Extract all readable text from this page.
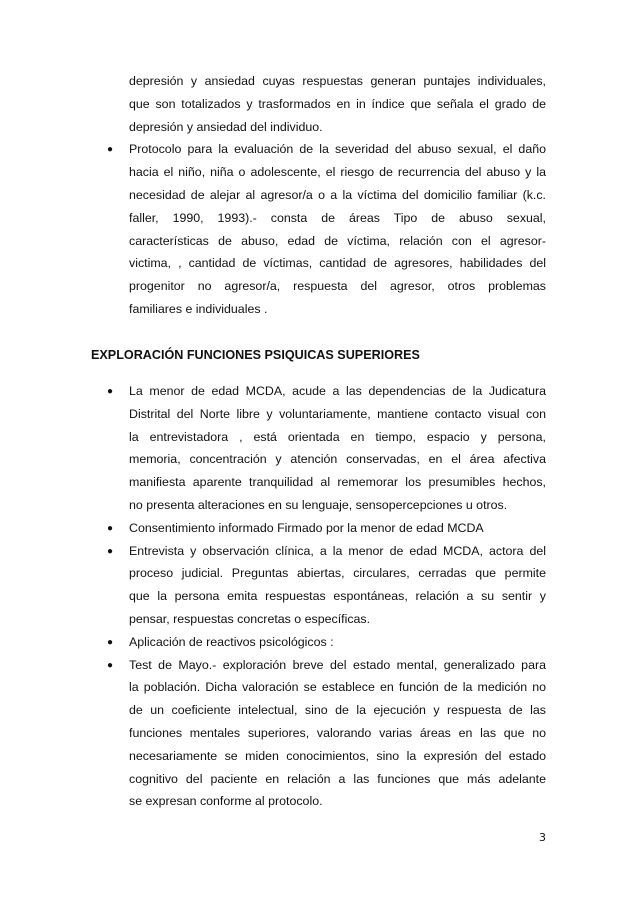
depresión y ansiedad cuyas respuestas generan puntajes individuales,
que son totalizados y trasformados en in índice que señala el grado de
depresión y ansiedad del individuo.
● Protocolo para la evaluación de la severidad del abuso sexual, el daño
hacia el niño, niña o adolescente, el riesgo de recurrencia del abuso y la
necesidad de alejar al agresor/a o a la víctima del domicilio familiar (k.c.
faller, 1990, 1993).- consta de áreas Tipo de abuso sexual,
características de abuso, edad de víctima, relación con el agresor-
victima, , cantidad de víctimas, cantidad de agresores, habilidades del
progenitor no agresor/a, respuesta del agresor, otros problemas
familiares e individuales .
● La menor de edad MCDA, acude a las dependencias de la Judicatura
Distrital del Norte libre y voluntariamente, mantiene contacto visual con
la entrevistadora , está orientada en tiempo, espacio y persona,
memoria, concentración y atención conservadas, en el área afectiva
manifiesta aparente tranquilidad al rememorar los presumibles hechos,
no presenta alteraciones en su lenguaje, sensopercepciones u otros.
● Consentimiento informado Firmado por la menor de edad MCDA
● Entrevista y observación clínica, a la menor de edad MCDA, actora del
proceso judicial. Preguntas abiertas, circulares, cerradas que permite
que la persona emita respuestas espontáneas, relación a su sentir y
pensar, respuestas concretas o específicas.
● Aplicación de reactivos psicológicos :
● Test de Mayo.- exploración breve del estado mental, generalizado para
la población. Dicha valoración se establece en función de la medición no
de un coeficiente intelectual, sino de la ejecución y respuesta de las
funciones mentales superiores, valorando varias áreas en las que no
necesariamente se miden conocimientos, sino la expresión del estado
cognitivo del paciente en relación a las funciones que más adelante
se expresan conforme al protocolo.
EXPLORACIÓN FUNCIONES PSIQUICAS SUPERIORES
3
